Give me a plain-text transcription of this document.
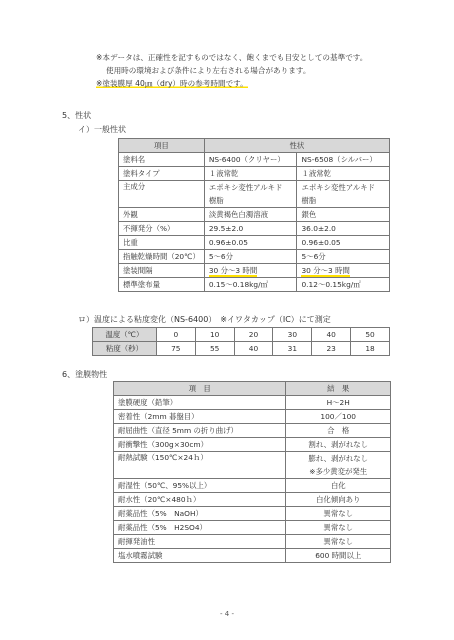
※本データは、正確性を記すものではなく、飽くまでも目安としての基準です。
使用時の環境および条件により左右される場合があります。
※塗装膜厚 40㎛（dry）時の参考時間です。
5、性状
イ）一般性状
項目	性状	
塗料名	NS-6400（クリヤー）	NS-6508（シルバー）
塗料タイプ	１液常乾	１液常乾
主成分	エポキシ変性アルキド	エポキシ変性アルキド
	樹脂	樹脂
外観	淡黄褐色白濁溶液	銀色
不揮発分（%）	29.5±2.0	36.0±2.0
比重	0.96±0.05	0.96±0.05
指触乾燥時間（20℃）	5〜6分	5〜6分
塗装間隔	30 分〜3 時間	30 分〜3 時間
標準塗布量	0.15〜0.18kg/㎡	0.12〜0.15kg/㎡
ロ）温度による粘度変化（NS-6400）　※イワタカップ（IC）にて測定
温度（℃）	0	10	20	30	40	50
粘度（秒）	75	55	40	31	23	18
6、塗膜物性
項　目	結　果
塗膜硬度（鉛筆）	H〜2H
密着性（2mm 碁盤目）	100／100
耐屈曲性（直径 5mm の折り曲げ）	合　格
耐衝撃性（300g×30cm）	割れ、剥がれなし
耐熱試験（150℃×24ｈ）	膨れ、剥がれなし
	※多少黄変が発生
耐湿性（50℃、95%以上）	白化
耐水性（20℃×480ｈ）	白化傾向あり
耐薬品性（5%　NaOH）	異常なし
耐薬品性（5%　H2SO4）	異常なし
耐揮発油性	異常なし
塩水噴霧試験	600 時間以上
- 4 -
